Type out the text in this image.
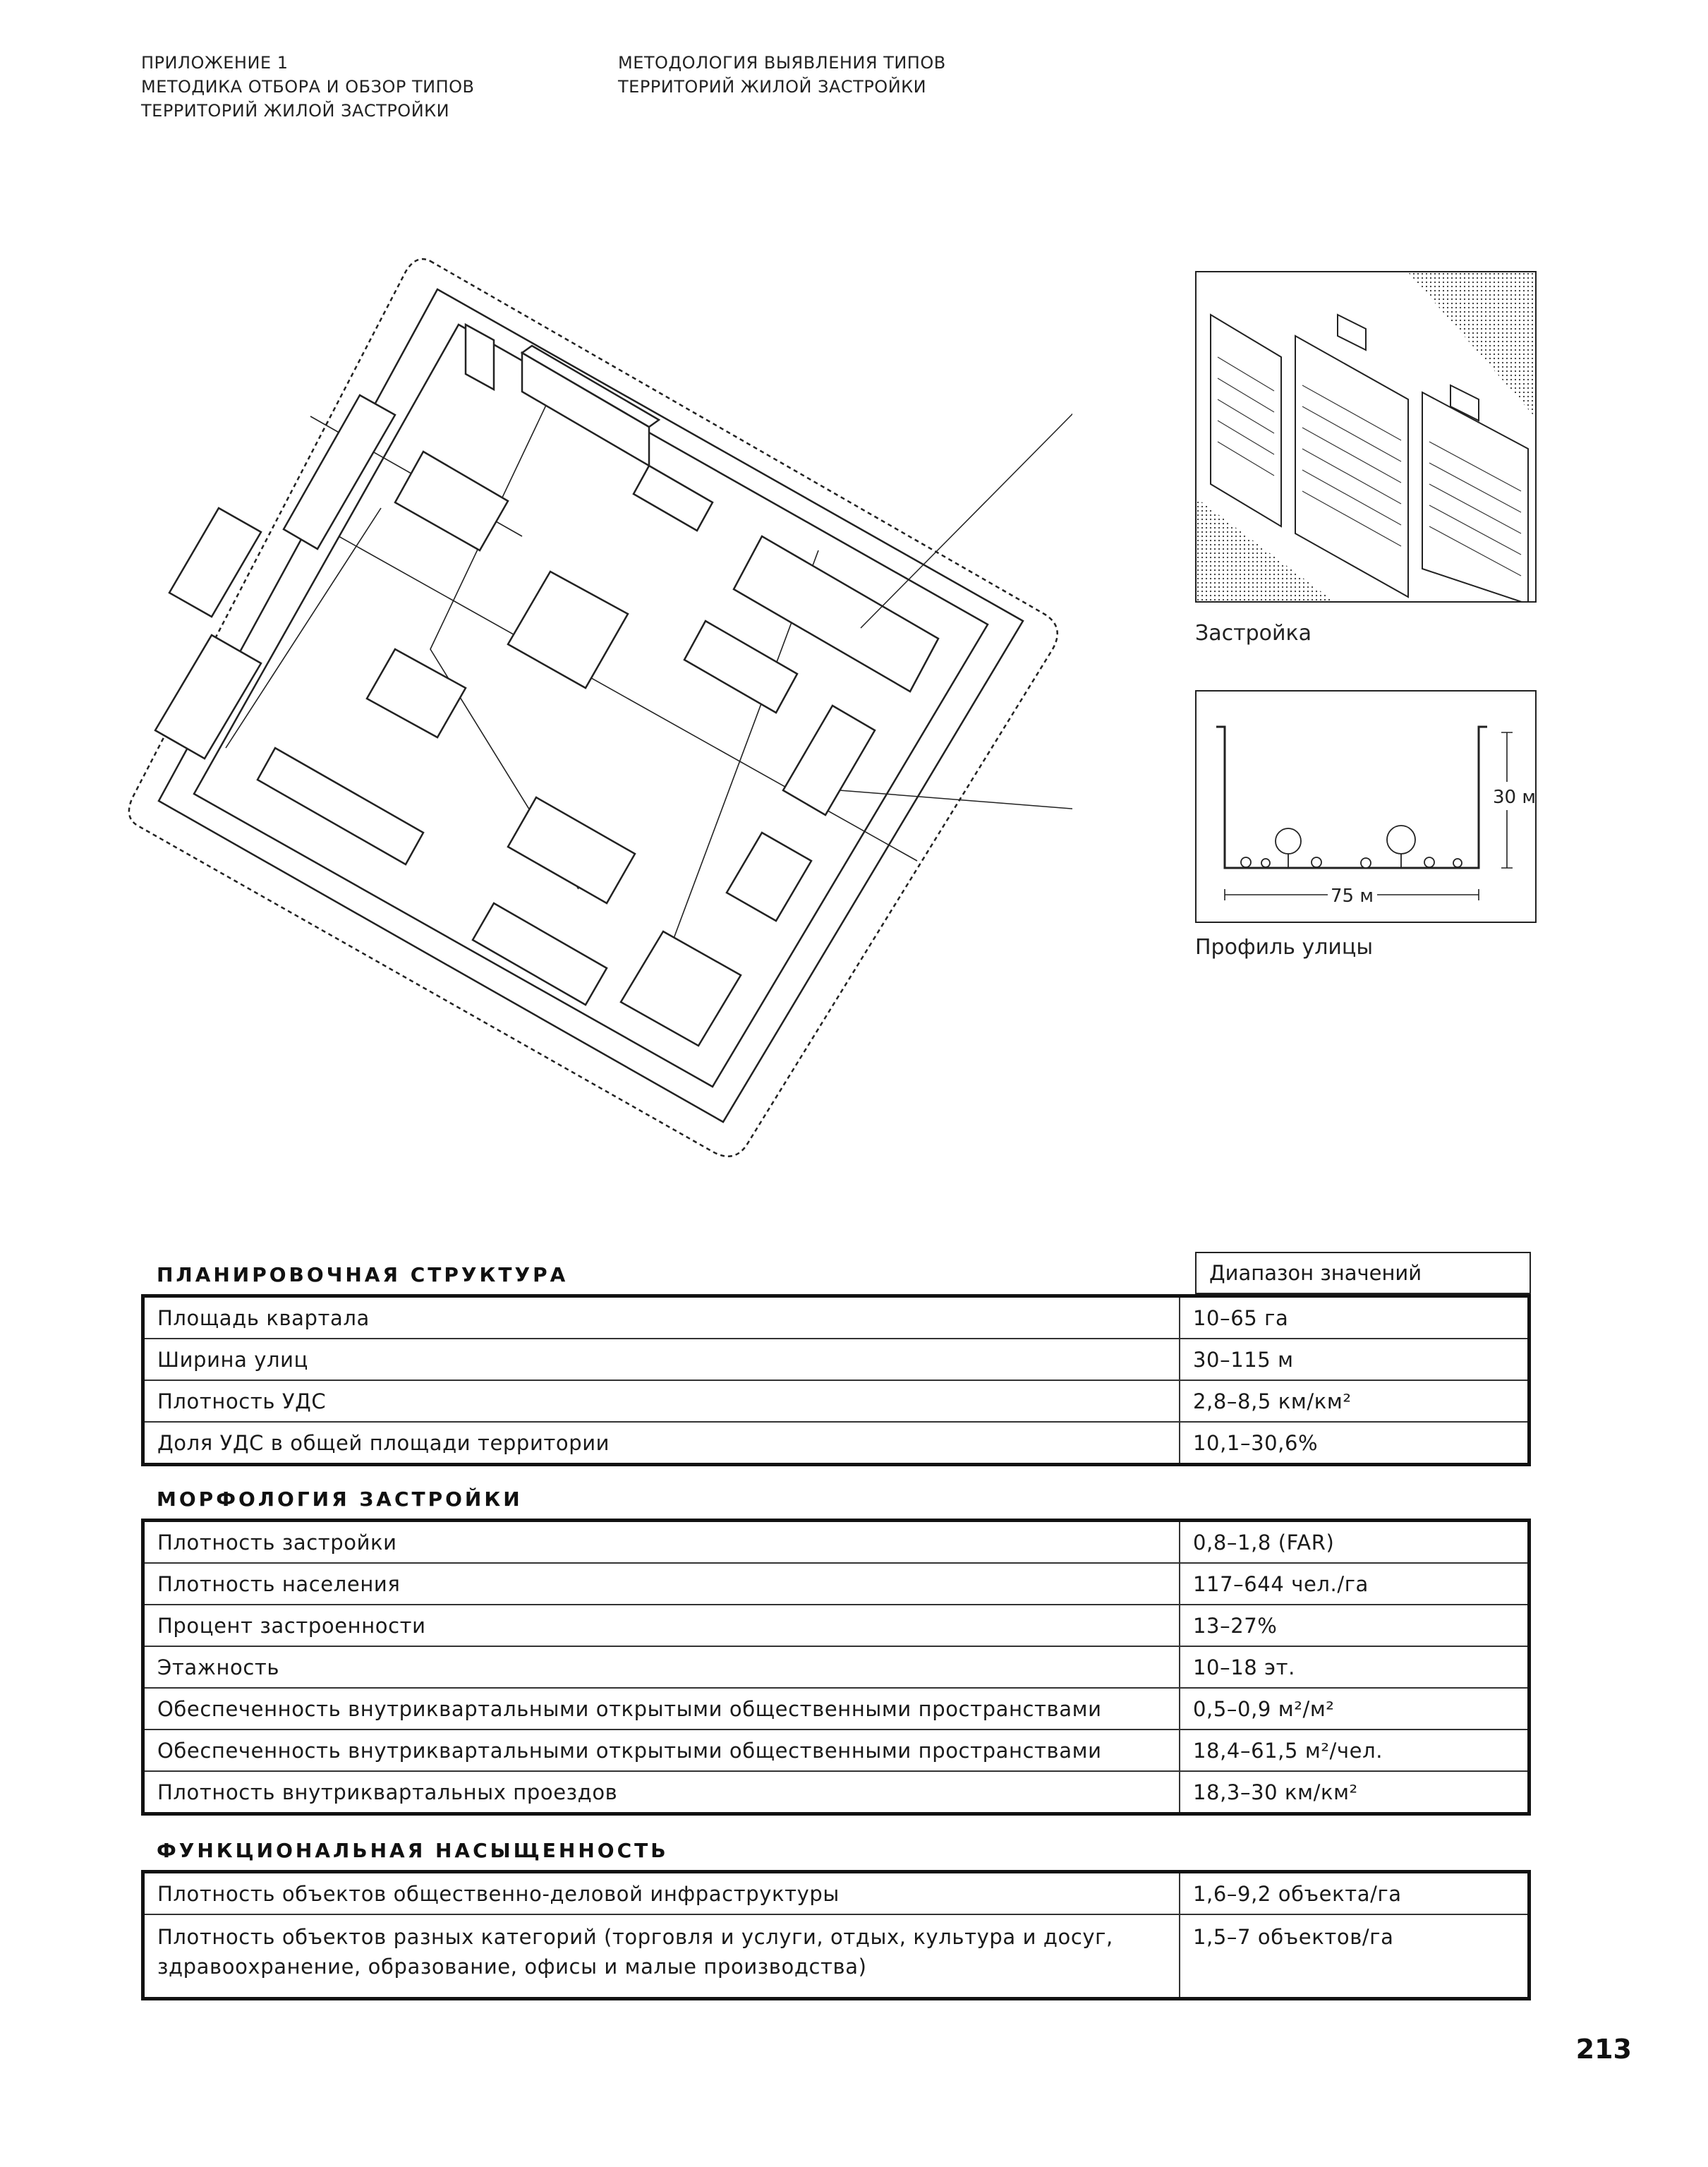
ПРИЛОЖЕНИЕ 1
МЕТОДИКА ОТБОРА И ОБЗОР ТИПОВ
ТЕРРИТОРИЙ ЖИЛОЙ ЗАСТРОЙКИ
МЕТОДОЛОГИЯ ВЫЯВЛЕНИЯ ТИПОВ
ТЕРРИТОРИЙ ЖИЛОЙ ЗАСТРОЙКИ
Застройка
30 м
75 м
Профиль улицы
ПЛАНИРОВОЧНАЯ СТРУКТУРА	Диапазон значений
Площадь квартала	10–65 га
Ширина улиц	30–115 м
Плотность УДС	2,8–8,5 км/км²
Доля УДС в общей площади территории	10,1–30,6%
МОРФОЛОГИЯ ЗАСТРОЙКИ
Плотность застройки	0,8–1,8 (FAR)
Плотность населения	117–644 чел./га
Процент застроенности	13–27%
Этажность	10–18 эт.
Обеспеченность внутриквартальными открытыми общественными пространствами	0,5–0,9 м²/м²
Обеспеченность внутриквартальными открытыми общественными пространствами	18,4–61,5 м²/чел.
Плотность внутриквартальных проездов	18,3–30 км/км²
ФУНКЦИОНАЛЬНАЯ НАСЫЩЕННОСТЬ
Плотность объектов общественно-деловой инфраструктуры	1,6–9,2 объекта/га

Плотность объектов разных категорий (торговля и услуги, отдых, культура и досуг,
здравоохранение, образование, офисы и малые производства)	1,5–7 объектов/га
213
